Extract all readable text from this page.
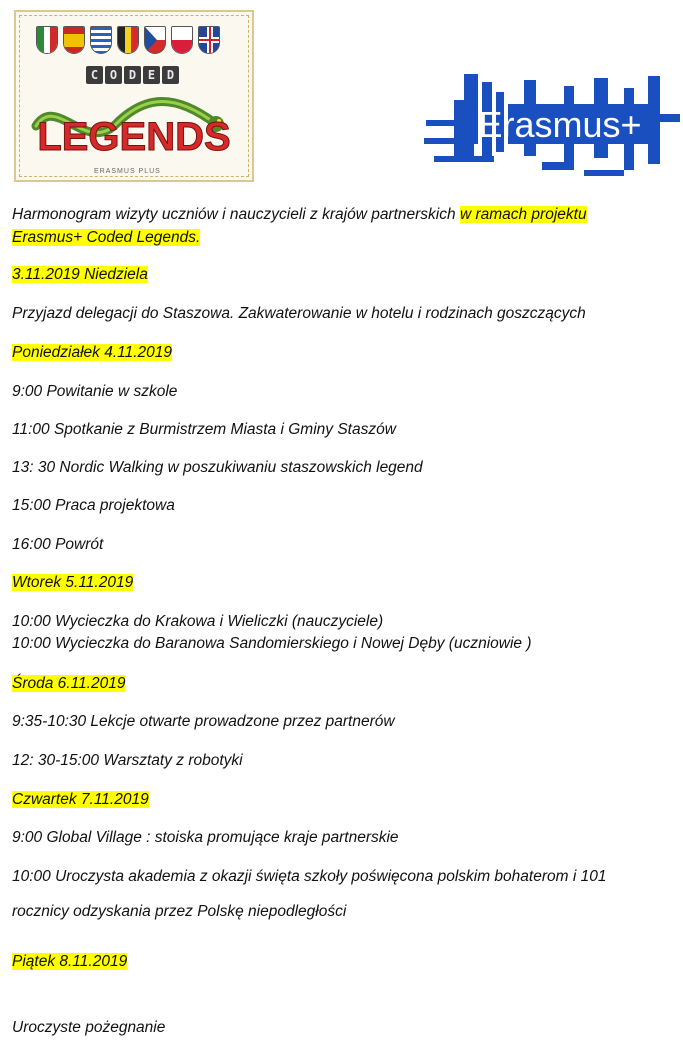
C O D E D
LEGENDS
ERASMUS PLUS
Erasmus+

Harmonogram wizyty uczniów i nauczycieli z krajów partnerskich w ramach projektu

Erasmus+ Coded Legends.

3.11.2019 Niedziela

Przyjazd delegacji do Staszowa. Zakwaterowanie w hotelu i rodzinach goszczących

Poniedziałek 4.11.2019

9:00 Powitanie w szkole

11:00 Spotkanie z Burmistrzem Miasta i Gminy Staszów

13: 30 Nordic Walking w poszukiwaniu staszowskich legend

15:00 Praca projektowa

16:00 Powrót

Wtorek 5.11.2019

10:00 Wycieczka do Krakowa i Wieliczki (nauczyciele)

10:00 Wycieczka do Baranowa Sandomierskiego i Nowej Dęby (uczniowie )

Środa 6.11.2019

9:35-10:30 Lekcje otwarte prowadzone przez partnerów

12: 30-15:00 Warsztaty z robotyki

Czwartek 7.11.2019

9:00 Global Village : stoiska promujące kraje partnerskie

10:00 Uroczysta akademia z okazji święta szkoły poświęcona polskim bohaterom i 101

rocznicy odzyskania przez Polskę niepodległości

Piątek 8.11.2019

Uroczyste pożegnanie
